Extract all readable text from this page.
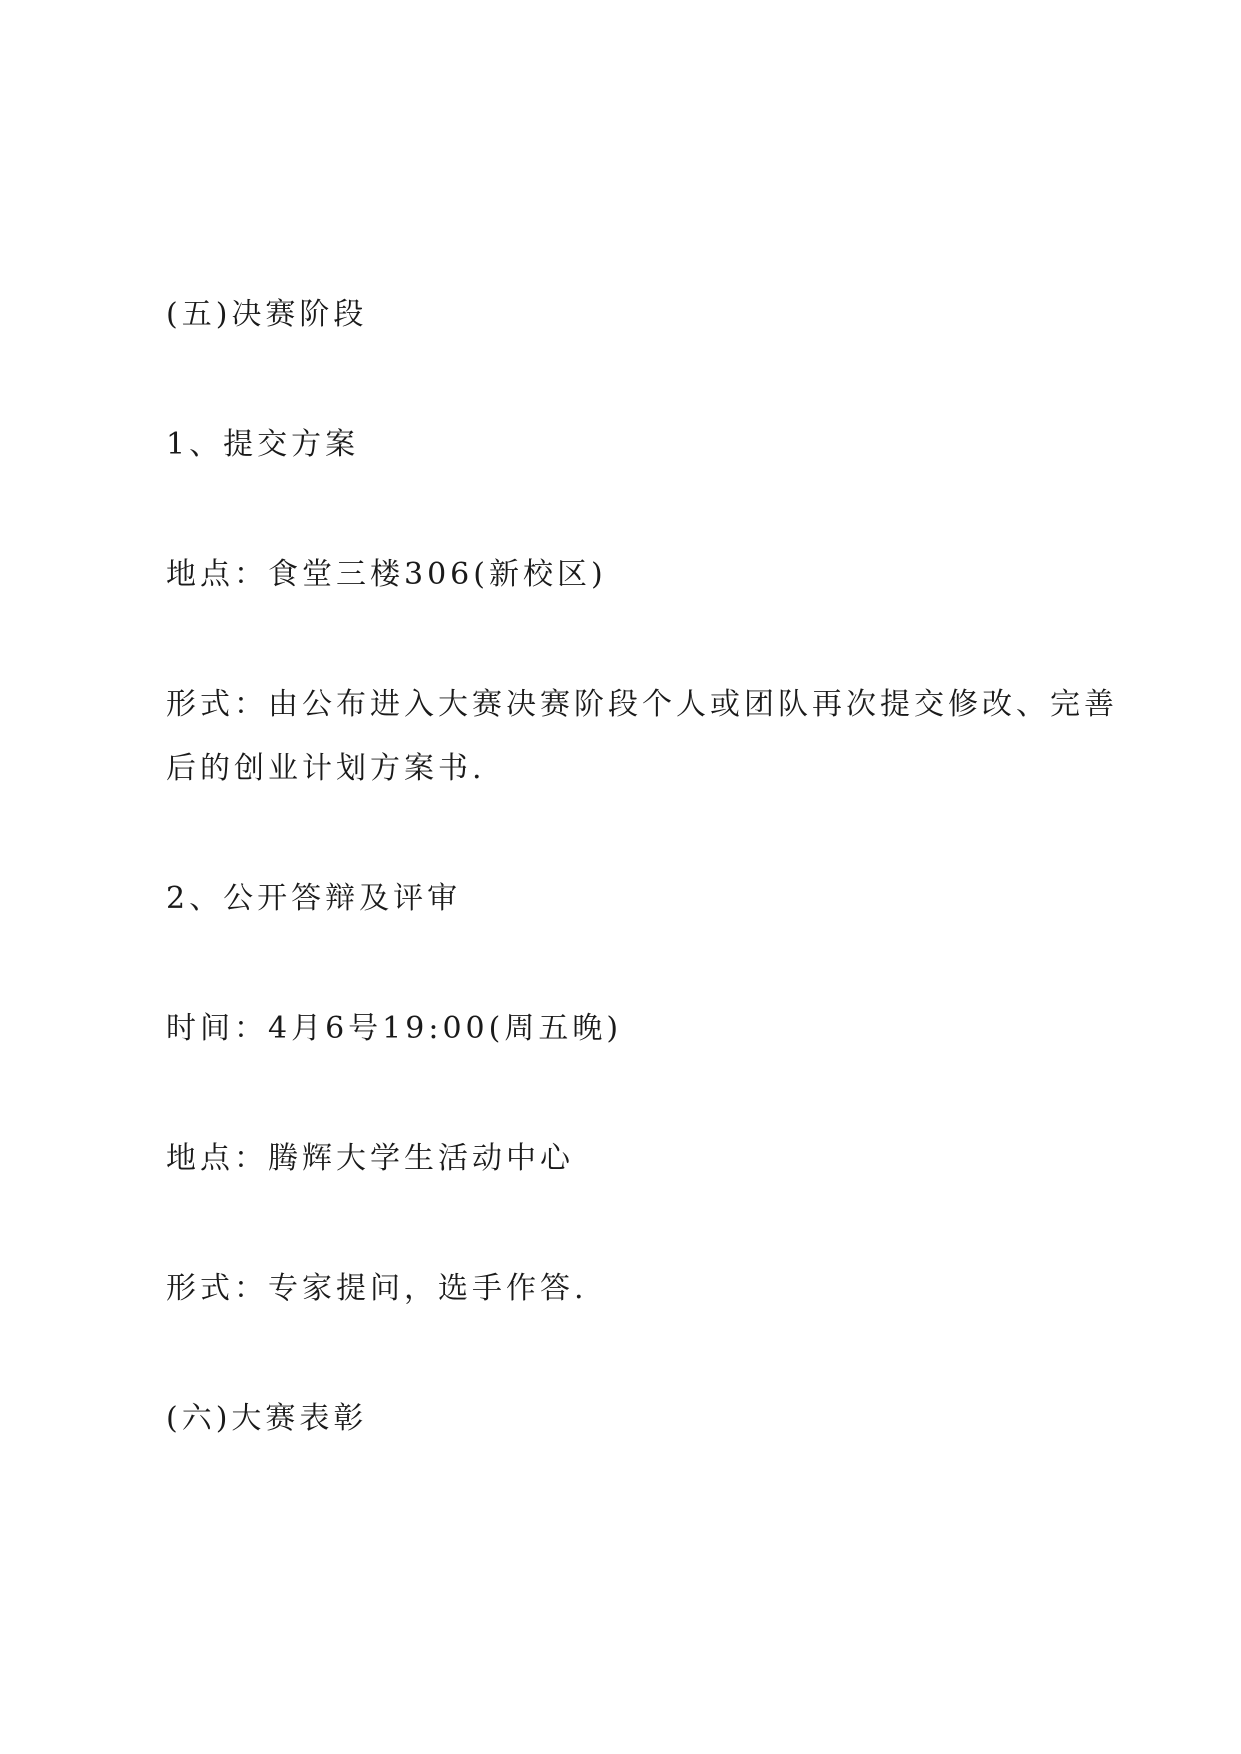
(五)决赛阶段
1、提交方案
地点：食堂三楼306(新校区)
形式：由公布进入大赛决赛阶段个人或团队再次提交修改、完善
后的创业计划方案书.
2、公开答辩及评审
时间：4月6号19:00(周五晚)
地点：腾辉大学生活动中心
形式：专家提问，选手作答.
(六)大赛表彰
